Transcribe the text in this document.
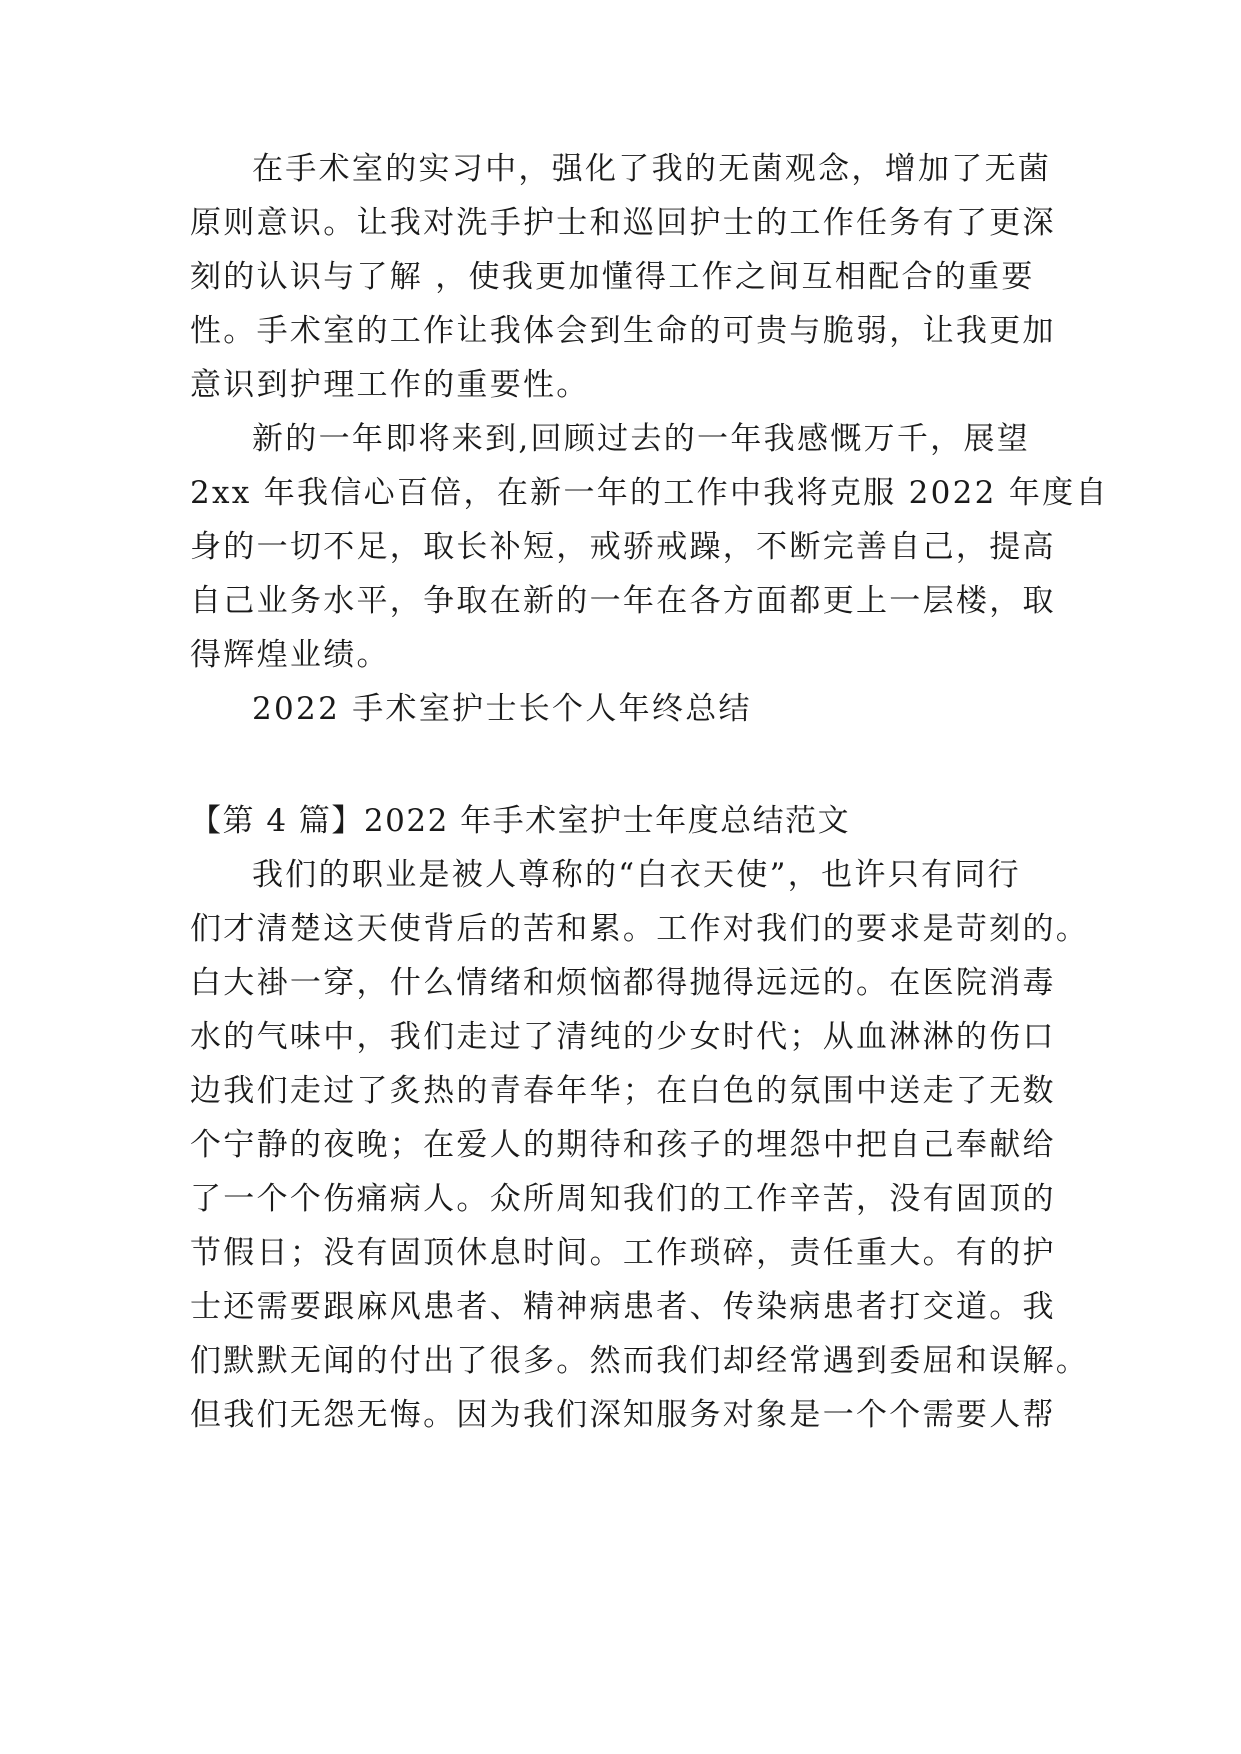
在手术室的实习中，强化了我的无菌观念，增加了无菌
原则意识。让我对洗手护士和巡回护士的工作任务有了更深
刻的认识与了解 ，使我更加懂得工作之间互相配合的重要
性。手术室的工作让我体会到生命的可贵与脆弱，让我更加
意识到护理工作的重要性。
新的一年即将来到,回顾过去的一年我感慨万千，展望
2xx 年我信心百倍，在新一年的工作中我将克服 2022 年度自
身的一切不足，取长补短，戒骄戒躁，不断完善自己，提高
自己业务水平，争取在新的一年在各方面都更上一层楼，取
得辉煌业绩。
2022 手术室护士长个人年终总结
【第 4 篇】2022 年手术室护士年度总结范文
我们的职业是被人尊称的“白衣天使”，也许只有同行
们才清楚这天使背后的苦和累。工作对我们的要求是苛刻的。
白大褂一穿，什么情绪和烦恼都得抛得远远的。在医院消毒
水的气味中，我们走过了清纯的少女时代；从血淋淋的伤口
边我们走过了炙热的青春年华；在白色的氛围中送走了无数
个宁静的夜晚；在爱人的期待和孩子的埋怨中把自己奉献给
了一个个伤痛病人。众所周知我们的工作辛苦，没有固顶的
节假日；没有固顶休息时间。工作琐碎，责任重大。有的护
士还需要跟麻风患者、精神病患者、传染病患者打交道。我
们默默无闻的付出了很多。然而我们却经常遇到委屈和误解。
但我们无怨无悔。因为我们深知服务对象是一个个需要人帮
